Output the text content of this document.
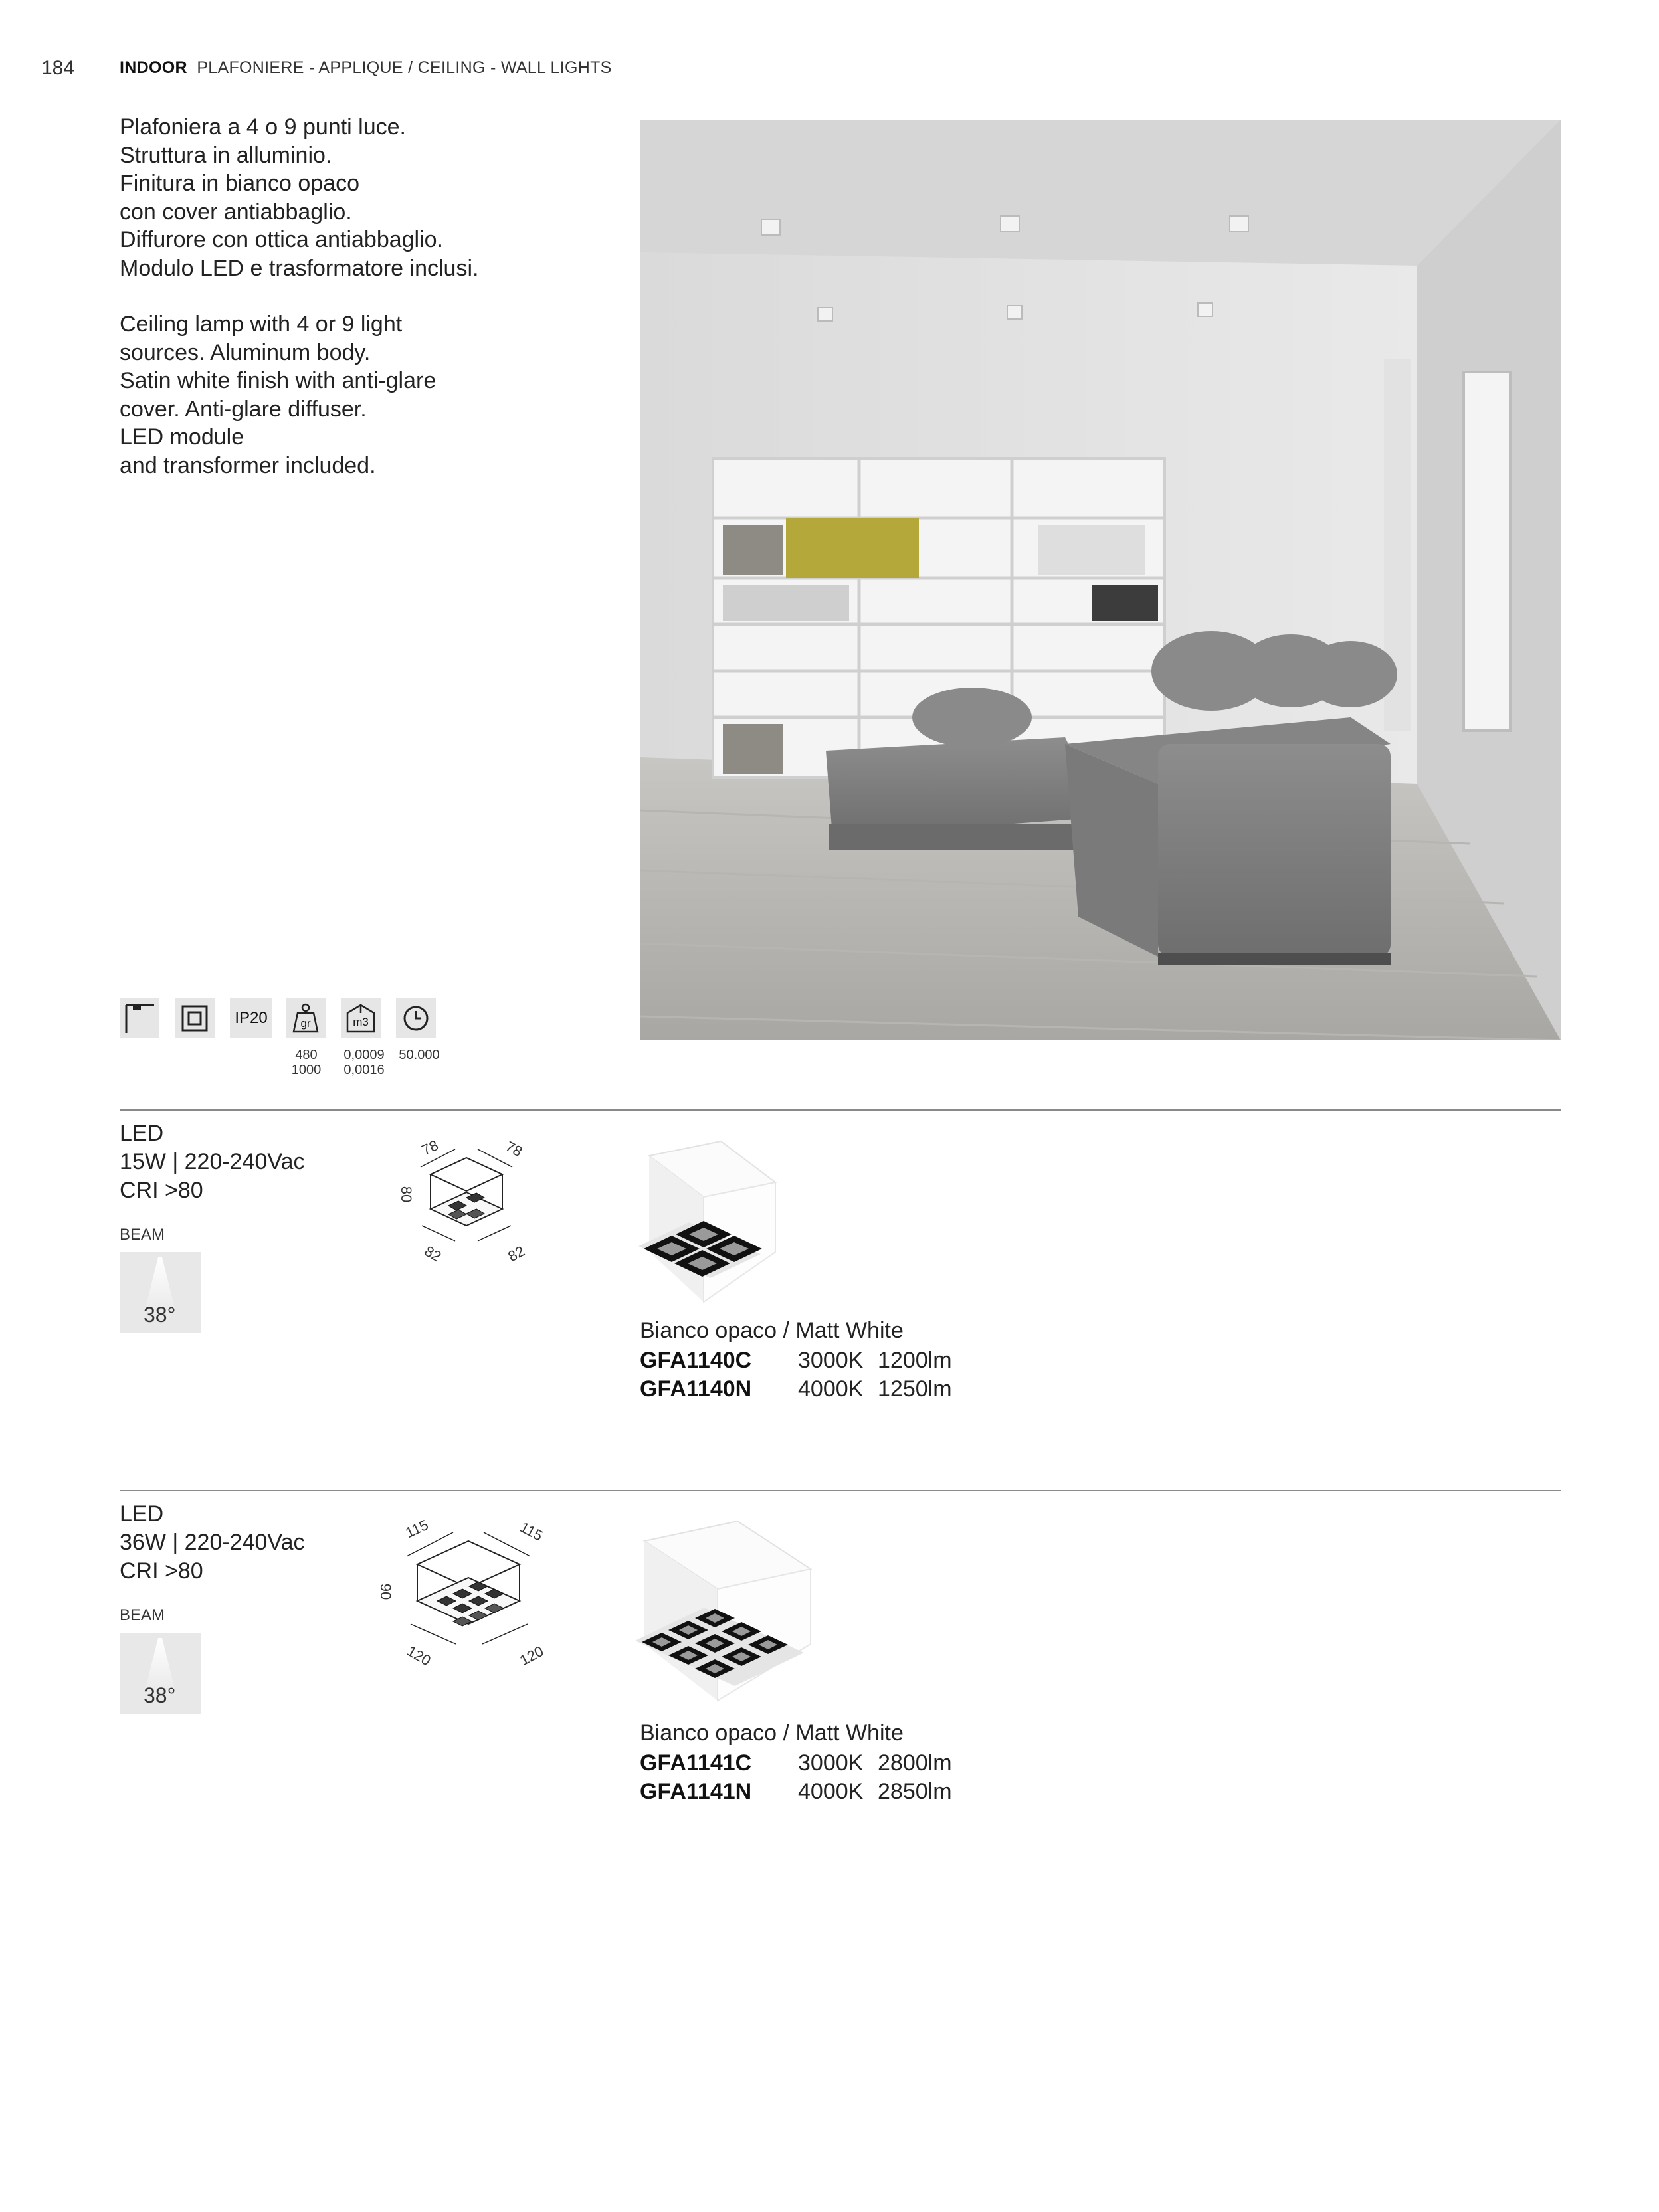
184	INDOOR PLAFONIERE - APPLIQUE / CEILING - WALL LIGHTS

Plafoniera a 4 o 9 punti luce.

Struttura in alluminio.

Finitura in bianco opaco

con cover antiabbaglio.

Diffurore con ottica antiabbaglio.

Modulo LED e trasformatore inclusi.

Ceiling lamp with 4 or 9 light

sources. Aluminum body.

Satin white finish with anti-glare

cover. Anti-glare diffuser.

LED module

and transformer included.

IP20	gr	m3
480
1000
0,0009
0,0016
50.000
LED
15W | 220-240Vac
CRI >80
BEAM
38°
78	78
80
82	82
Bianco opaco / Matt White
GFA1140C 3000K 1200lm
GFA1140N 4000K 1250lm
LED
36W | 220-240Vac
CRI >80
BEAM
38°
115	115
90
120	120
Bianco opaco / Matt White
GFA1141C 3000K 2800lm
GFA1141N 4000K 2850lm
